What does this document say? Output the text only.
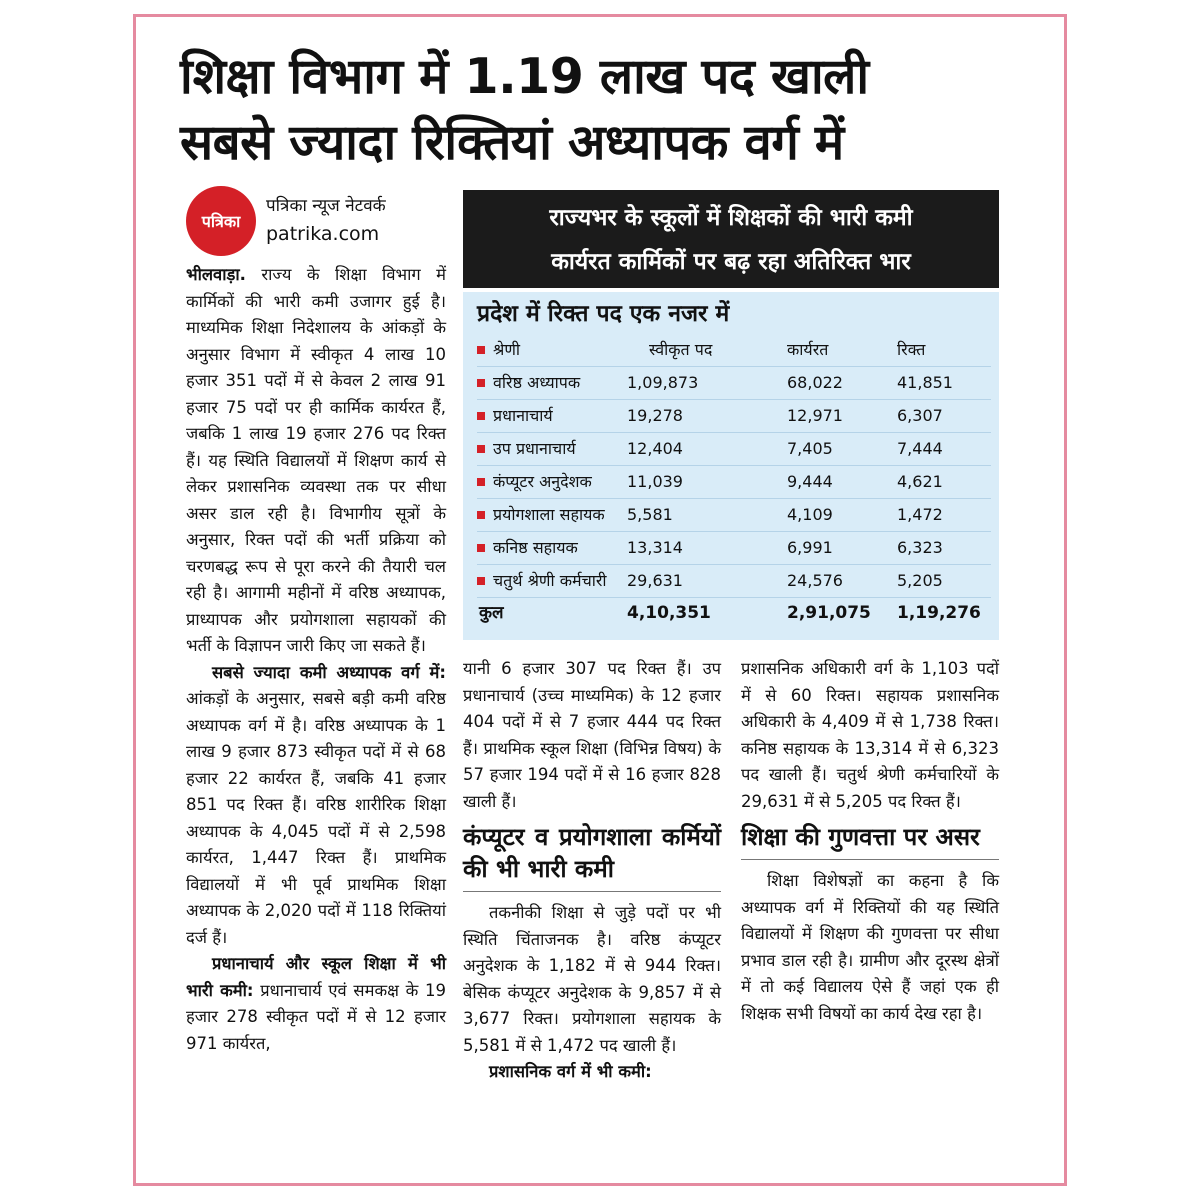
शिक्षा विभाग में 1.19 लाख पद खाली
सबसे ज्यादा रिक्तियां अध्यापक वर्ग में
पत्रिका
पत्रिका न्यूज नेटवर्क
patrika.com
राज्यभर के स्कूलों में शिक्षकों की भारी कमी
कार्यरत कार्मिकों पर बढ़ रहा अतिरिक्त भार
प्रदेश में रिक्त पद एक नजर में
श्रेणी	स्वीकृत पद	कार्यरत	रिक्त
वरिष्ठ अध्यापक	1,09,873	68,022	41,851
प्रधानाचार्य	19,278	12,971	6,307
उप प्रधानाचार्य	12,404	7,405	7,444
कंप्यूटर अनुदेशक 11,039	9,444	4,621
प्रयोगशाला सहायक 5,581	4,109	1,472
कनिष्ठ सहायक	13,314	6,991	6,323
चतुर्थ श्रेणी कर्मचारी 29,631	24,576	5,205
कुल	4,10,351	2,91,075 1,19,276

भीलवाड़ा. राज्य के शिक्षा विभाग में कार्मिकों की भारी कमी उजागर हुई है। माध्यमिक शिक्षा निदेशालय के आंकड़ों के अनुसार विभाग में स्वीकृत 4 लाख 10 हजार 351 पदों में से केवल 2 लाख 91 हजार 75 पदों पर ही कार्मिक कार्यरत हैं, जबकि 1 लाख 19 हजार 276 पद रिक्त हैं। यह स्थिति विद्यालयों में शिक्षण कार्य से लेकर प्रशासनिक व्यवस्था तक पर सीधा असर डाल रही है। विभागीय सूत्रों के अनुसार, रिक्त पदों की भर्ती प्रक्रिया को चरणबद्ध रूप से पूरा करने की तैयारी चल रही है। आगामी महीनों में वरिष्ठ अध्यापक, प्राध्यापक और प्रयोगशाला सहायकों की भर्ती के विज्ञापन जारी किए जा सकते हैं।

सबसे ज्यादा कमी अध्यापक वर्ग में: आंकड़ों के अनुसार, सबसे बड़ी कमी वरिष्ठ अध्यापक वर्ग में है। वरिष्ठ अध्यापक के 1 लाख 9 हजार 873 स्वीकृत पदों में से 68 हजार 22 कार्यरत हैं, जबकि 41 हजार 851 पद रिक्त हैं। वरिष्ठ शारीरिक शिक्षा अध्यापक के 4,045 पदों में से 2,598 कार्यरत, 1,447 रिक्त हैं। प्राथमिक विद्यालयों में भी पूर्व प्राथमिक शिक्षा अध्यापक के 2,020 पदों में 118 रिक्तियां दर्ज हैं।

प्रधानाचार्य और स्कूल शिक्षा में भी भारी कमी: प्रधानाचार्य एवं समकक्ष के 19 हजार 278 स्वीकृत पदों में से 12 हजार 971 कार्यरत,

यानी 6 हजार 307 पद रिक्त हैं। उप प्रधानाचार्य (उच्च माध्यमिक) के 12 हजार 404 पदों में से 7 हजार 444 पद रिक्त हैं। प्राथमिक स्कूल शिक्षा (विभिन्न विषय) के 57 हजार 194 पदों में से 16 हजार 828 खाली हैं।

कंप्यूटर व प्रयोगशाला कर्मियों की भी भारी कमी

तकनीकी शिक्षा से जुड़े पदों पर भी स्थिति चिंताजनक है। वरिष्ठ कंप्यूटर अनुदेशक के 1,182 में से 944 रिक्त। बेसिक कंप्यूटर अनुदेशक के 9,857 में से 3,677 रिक्त। प्रयोगशाला सहायक के 5,581 में से 1,472 पद खाली हैं।

प्रशासनिक वर्ग में भी कमी:

प्रशासनिक अधिकारी वर्ग के 1,103 पदों में से 60 रिक्त। सहायक प्रशासनिक अधिकारी के 4,409 में से 1,738 रिक्त। कनिष्ठ सहायक के 13,314 में से 6,323 पद खाली हैं। चतुर्थ श्रेणी कर्मचारियों के 29,631 में से 5,205 पद रिक्त हैं।

शिक्षा की गुणवत्ता पर असर

शिक्षा विशेषज्ञों का कहना है कि अध्यापक वर्ग में रिक्तियों की यह स्थिति विद्यालयों में शिक्षण की गुणवत्ता पर सीधा प्रभाव डाल रही है। ग्रामीण और दूरस्थ क्षेत्रों में तो कई विद्यालय ऐसे हैं जहां एक ही शिक्षक सभी विषयों का कार्य देख रहा है।
